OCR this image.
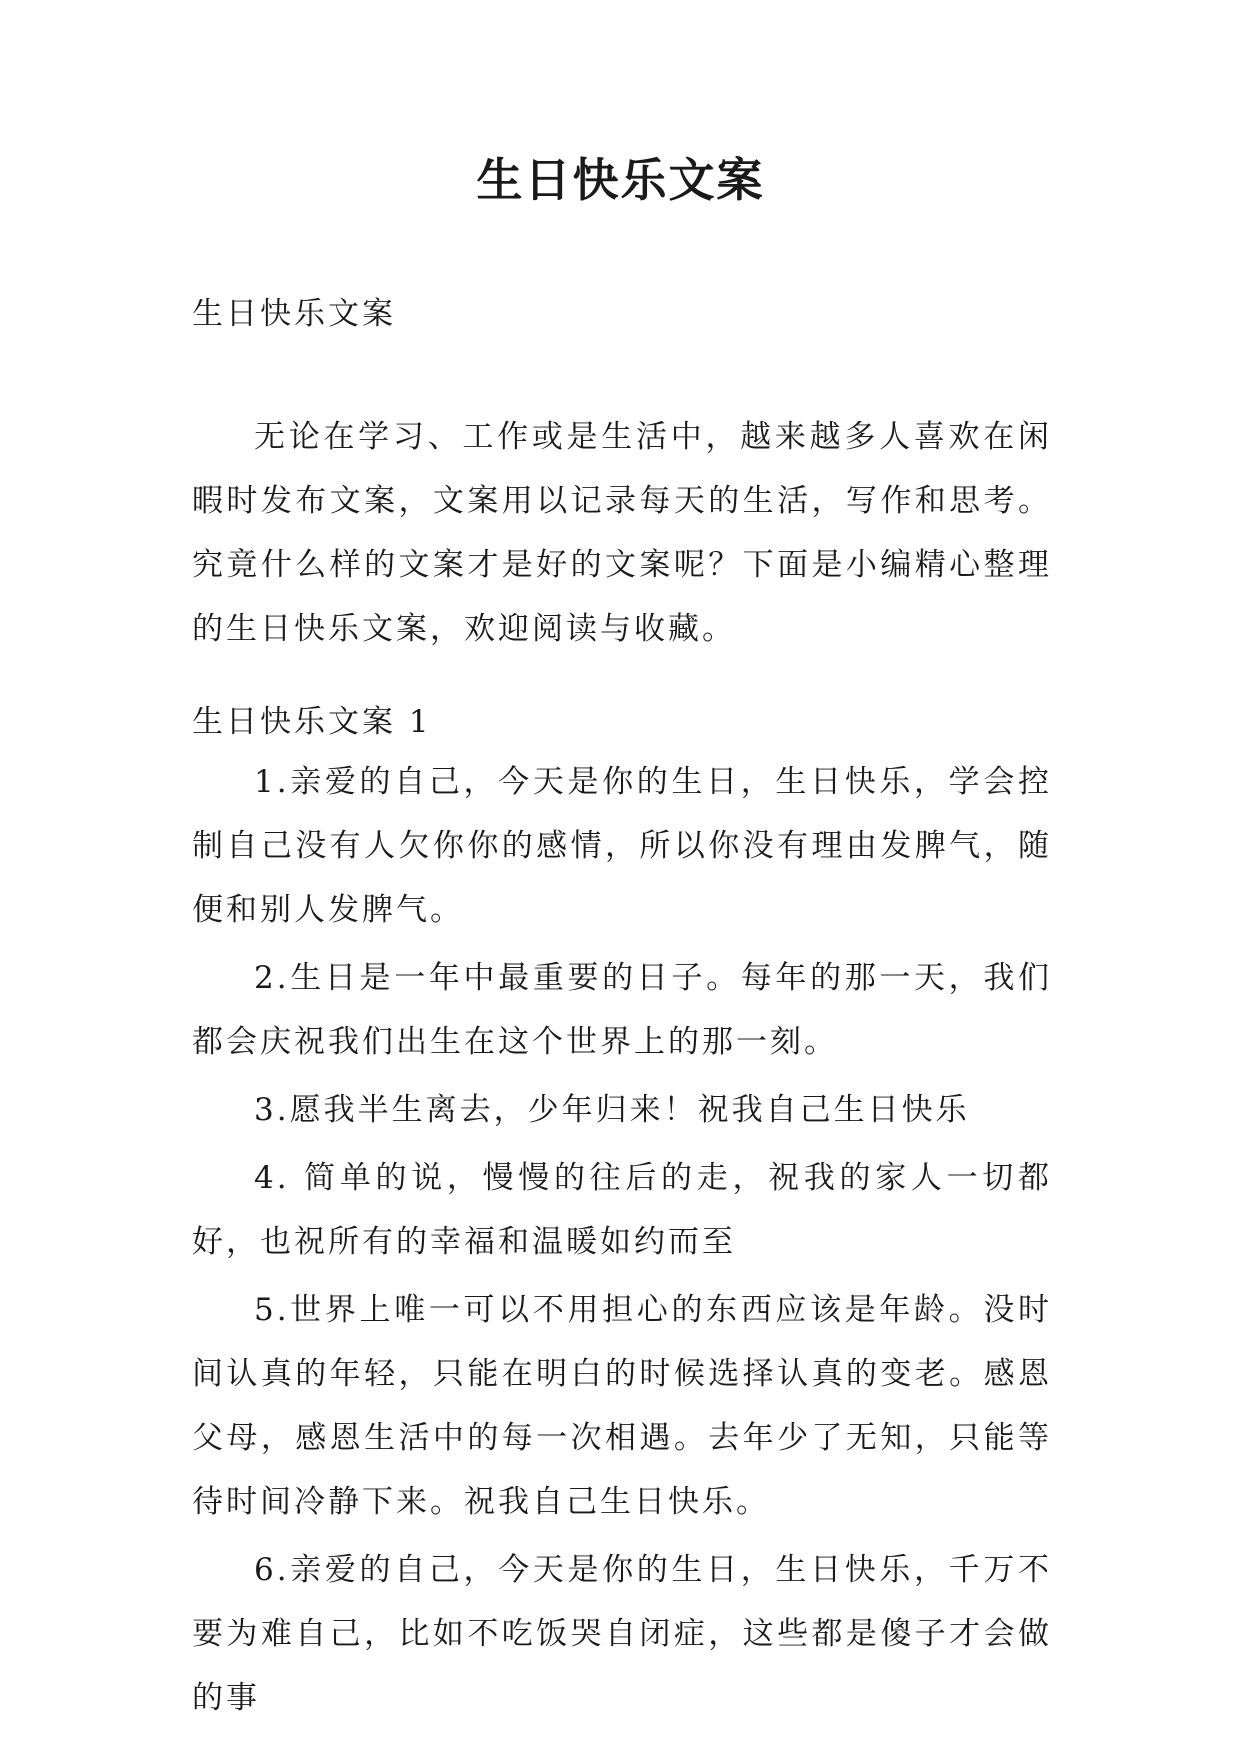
生日快乐文案

生日快乐文案

无论在学习、工作或是生活中，越来越多人喜欢在闲暇时发布文案，文案用以记录每天的生活，写作和思考。究竟什么样的文案才是好的文案呢？下面是小编精心整理的生日快乐文案，欢迎阅读与收藏。

生日快乐文案 1

1.亲爱的自己，今天是你的生日，生日快乐，学会控制自己没有人欠你你的感情，所以你没有理由发脾气，随便和别人发脾气。

2.生日是一年中最重要的日子。每年的那一天，我们都会庆祝我们出生在这个世界上的那一刻。

3.愿我半生离去，少年归来！祝我自己生日快乐

4. 简单的说，慢慢的往后的走，祝我的家人一切都好，也祝所有的幸福和温暖如约而至

5.世界上唯一可以不用担心的东西应该是年龄。没时间认真的年轻，只能在明白的时候选择认真的变老。感恩父母，感恩生活中的每一次相遇。去年少了无知，只能等待时间冷静下来。祝我自己生日快乐。

6.亲爱的自己，今天是你的生日，生日快乐，千万不要为难自己，比如不吃饭哭自闭症，这些都是傻子才会做的事
